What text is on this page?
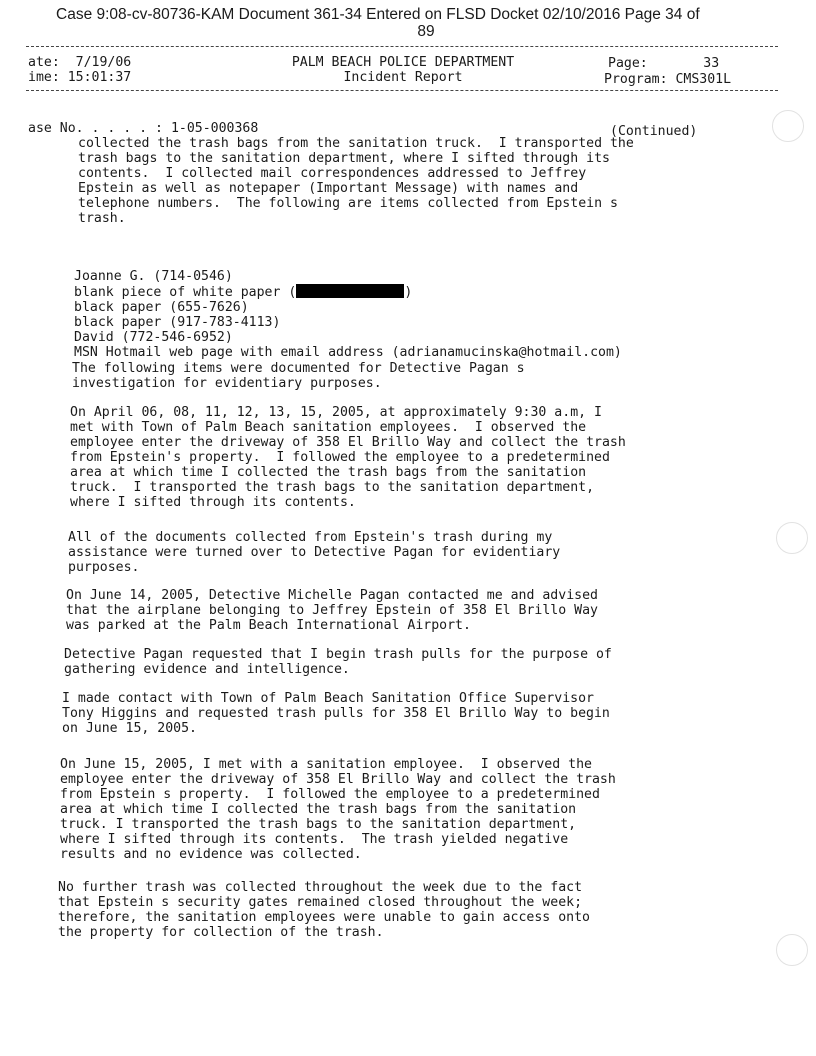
Case 9:08-cv-80736-KAM Document 361-34 Entered on FLSD Docket 02/10/2016 Page 34 of
89
ate: 7/19/06
ime: 15:01:37
PALM BEACH POLICE DEPARTMENT
Incident Report
Page:	33
Program: CMS301L
ase No. . . . . : 1-05-000368	(Continued)
collected the trash bags from the sanitation truck.  I transported the
trash bags to the sanitation department, where I sifted through its
contents.  I collected mail correspondences addressed to Jeffrey
Epstein as well as notepaper (Important Message) with names and
telephone numbers.  The following are items collected from Epstein s
trash.

Joanne G. (714-0546)
blank piece of white paper (	)
black paper (655-7626)
black paper (917-783-4113)
David (772-546-6952)
MSN Hotmail web page with email address (adrianamucinska@hotmail.com)
The following items were documented for Detective Pagan s
investigation for evidentiary purposes.
On April 06, 08, 11, 12, 13, 15, 2005, at approximately 9:30 a.m, I
met with Town of Palm Beach sanitation employees.  I observed the
employee enter the driveway of 358 El Brillo Way and collect the trash
from Epstein's property.  I followed the employee to a predetermined
area at which time I collected the trash bags from the sanitation
truck.  I transported the trash bags to the sanitation department,
where I sifted through its contents.
All of the documents collected from Epstein's trash during my
assistance were turned over to Detective Pagan for evidentiary
purposes.
On June 14, 2005, Detective Michelle Pagan contacted me and advised
that the airplane belonging to Jeffrey Epstein of 358 El Brillo Way
was parked at the Palm Beach International Airport.
Detective Pagan requested that I begin trash pulls for the purpose of
gathering evidence and intelligence.
I made contact with Town of Palm Beach Sanitation Office Supervisor
Tony Higgins and requested trash pulls for 358 El Brillo Way to begin
on June 15, 2005.
On June 15, 2005, I met with a sanitation employee.  I observed the
employee enter the driveway of 358 El Brillo Way and collect the trash
from Epstein s property.  I followed the employee to a predetermined
area at which time I collected the trash bags from the sanitation
truck. I transported the trash bags to the sanitation department,
where I sifted through its contents.  The trash yielded negative
results and no evidence was collected.
No further trash was collected throughout the week due to the fact
that Epstein s security gates remained closed throughout the week;
therefore, the sanitation employees were unable to gain access onto
the property for collection of the trash.
